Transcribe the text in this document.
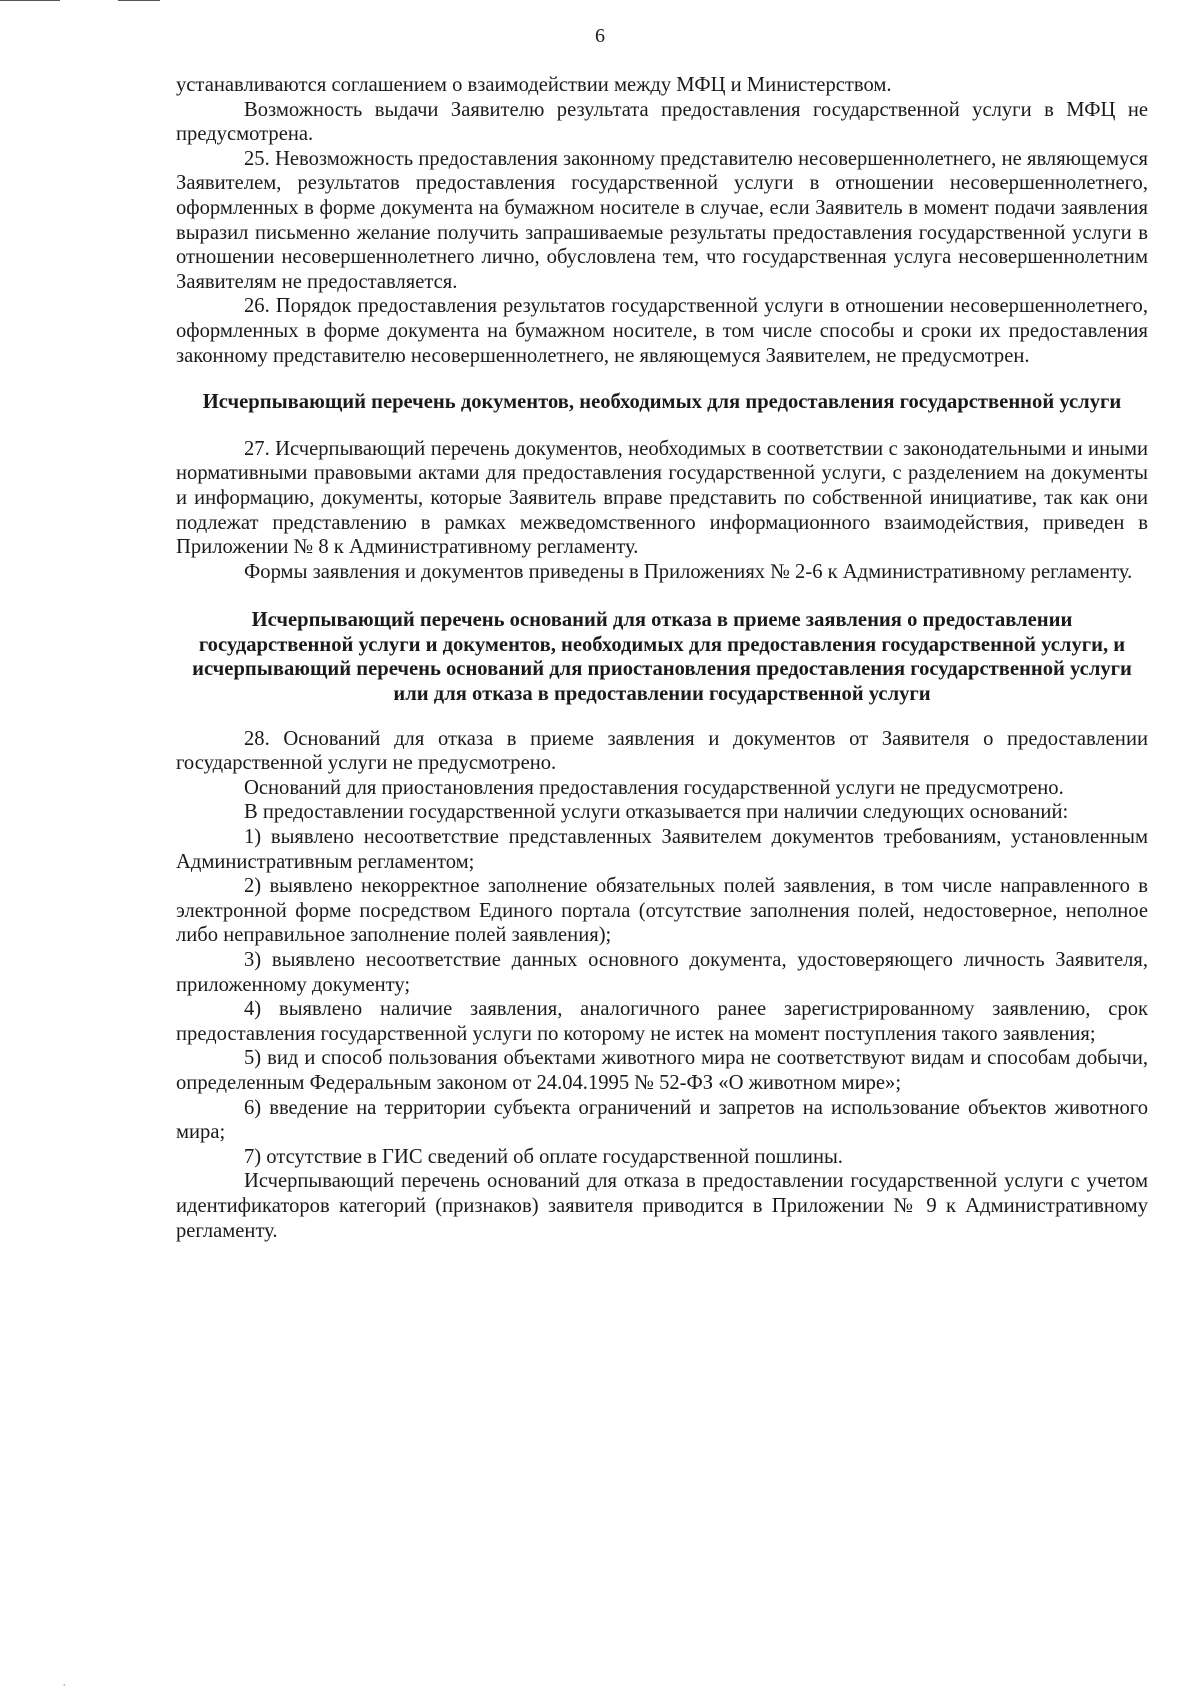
ˌ
6

устанавливаются соглашением о взаимодействии между МФЦ и Министерством.

Возможность выдачи Заявителю результата предоставления государственной услуги в МФЦ не предусмотрена.

25. Невозможность предоставления законному представителю несовершеннолетнего, не являющемуся Заявителем, результатов предоставления государственной услуги в отношении несовершеннолетнего, оформленных в форме документа на бумажном носителе в случае, если Заявитель в момент подачи заявления выразил письменно желание получить запрашиваемые результаты предоставления государственной услуги в отношении несовершеннолетнего лично, обусловлена тем, что государственная услуга несовершеннолетним Заявителям не предоставляется.

26. Порядок предоставления результатов государственной услуги в отношении несовершеннолетнего, оформленных в форме документа на бумажном носителе, в том числе способы и сроки их предоставления законному представителю несовершеннолетнего, не являющемуся Заявителем, не предусмотрен.

Исчерпывающий перечень документов, необходимых для предоставления государственной услуги

27. Исчерпывающий перечень документов, необходимых в соответствии с законодательными и иными нормативными правовыми актами для предоставления государственной услуги, с разделением на документы и информацию, документы, которые Заявитель вправе представить по собственной инициативе, так как они подлежат представлению в рамках межведомственного информационного взаимодействия, приведен в Приложении № 8 к Административному регламенту.

Формы заявления и документов приведены в Приложениях № 2-6 к Административному регламенту.

Исчерпывающий перечень оснований для отказа в приеме заявления о предоставлении государственной услуги и документов, необходимых для предоставления государственной услуги, и исчерпывающий перечень оснований для приостановления предоставления государственной услуги или для отказа в предоставлении государственной услуги

28. Оснований для отказа в приеме заявления и документов от Заявителя о предоставлении государственной услуги не предусмотрено.

Оснований для приостановления предоставления государственной услуги не предусмотрено.

В предоставлении государственной услуги отказывается при наличии следующих оснований:

1) выявлено несоответствие представленных Заявителем документов требованиям, установленным Административным регламентом;

2) выявлено некорректное заполнение обязательных полей заявления, в том числе направленного в электронной форме посредством Единого портала (отсутствие заполнения полей, недостоверное, неполное либо неправильное заполнение полей заявления);

3) выявлено несоответствие данных основного документа, удостоверяющего личность Заявителя, приложенному документу;

4) выявлено наличие заявления, аналогичного ранее зарегистрированному заявлению, срок предоставления государственной услуги по которому не истек на момент поступления такого заявления;

5) вид и способ пользования объектами животного мира не соответствуют видам и способам добычи, определенным Федеральным законом от 24.04.1995 № 52-ФЗ «О животном мире»;

6) введение на территории субъекта ограничений и запретов на использование объектов животного мира;

7) отсутствие в ГИС сведений об оплате государственной пошлины.

Исчерпывающий перечень оснований для отказа в предоставлении государственной услуги с учетом идентификаторов категорий (признаков) заявителя приводится в Приложении № 9 к Административному регламенту.
